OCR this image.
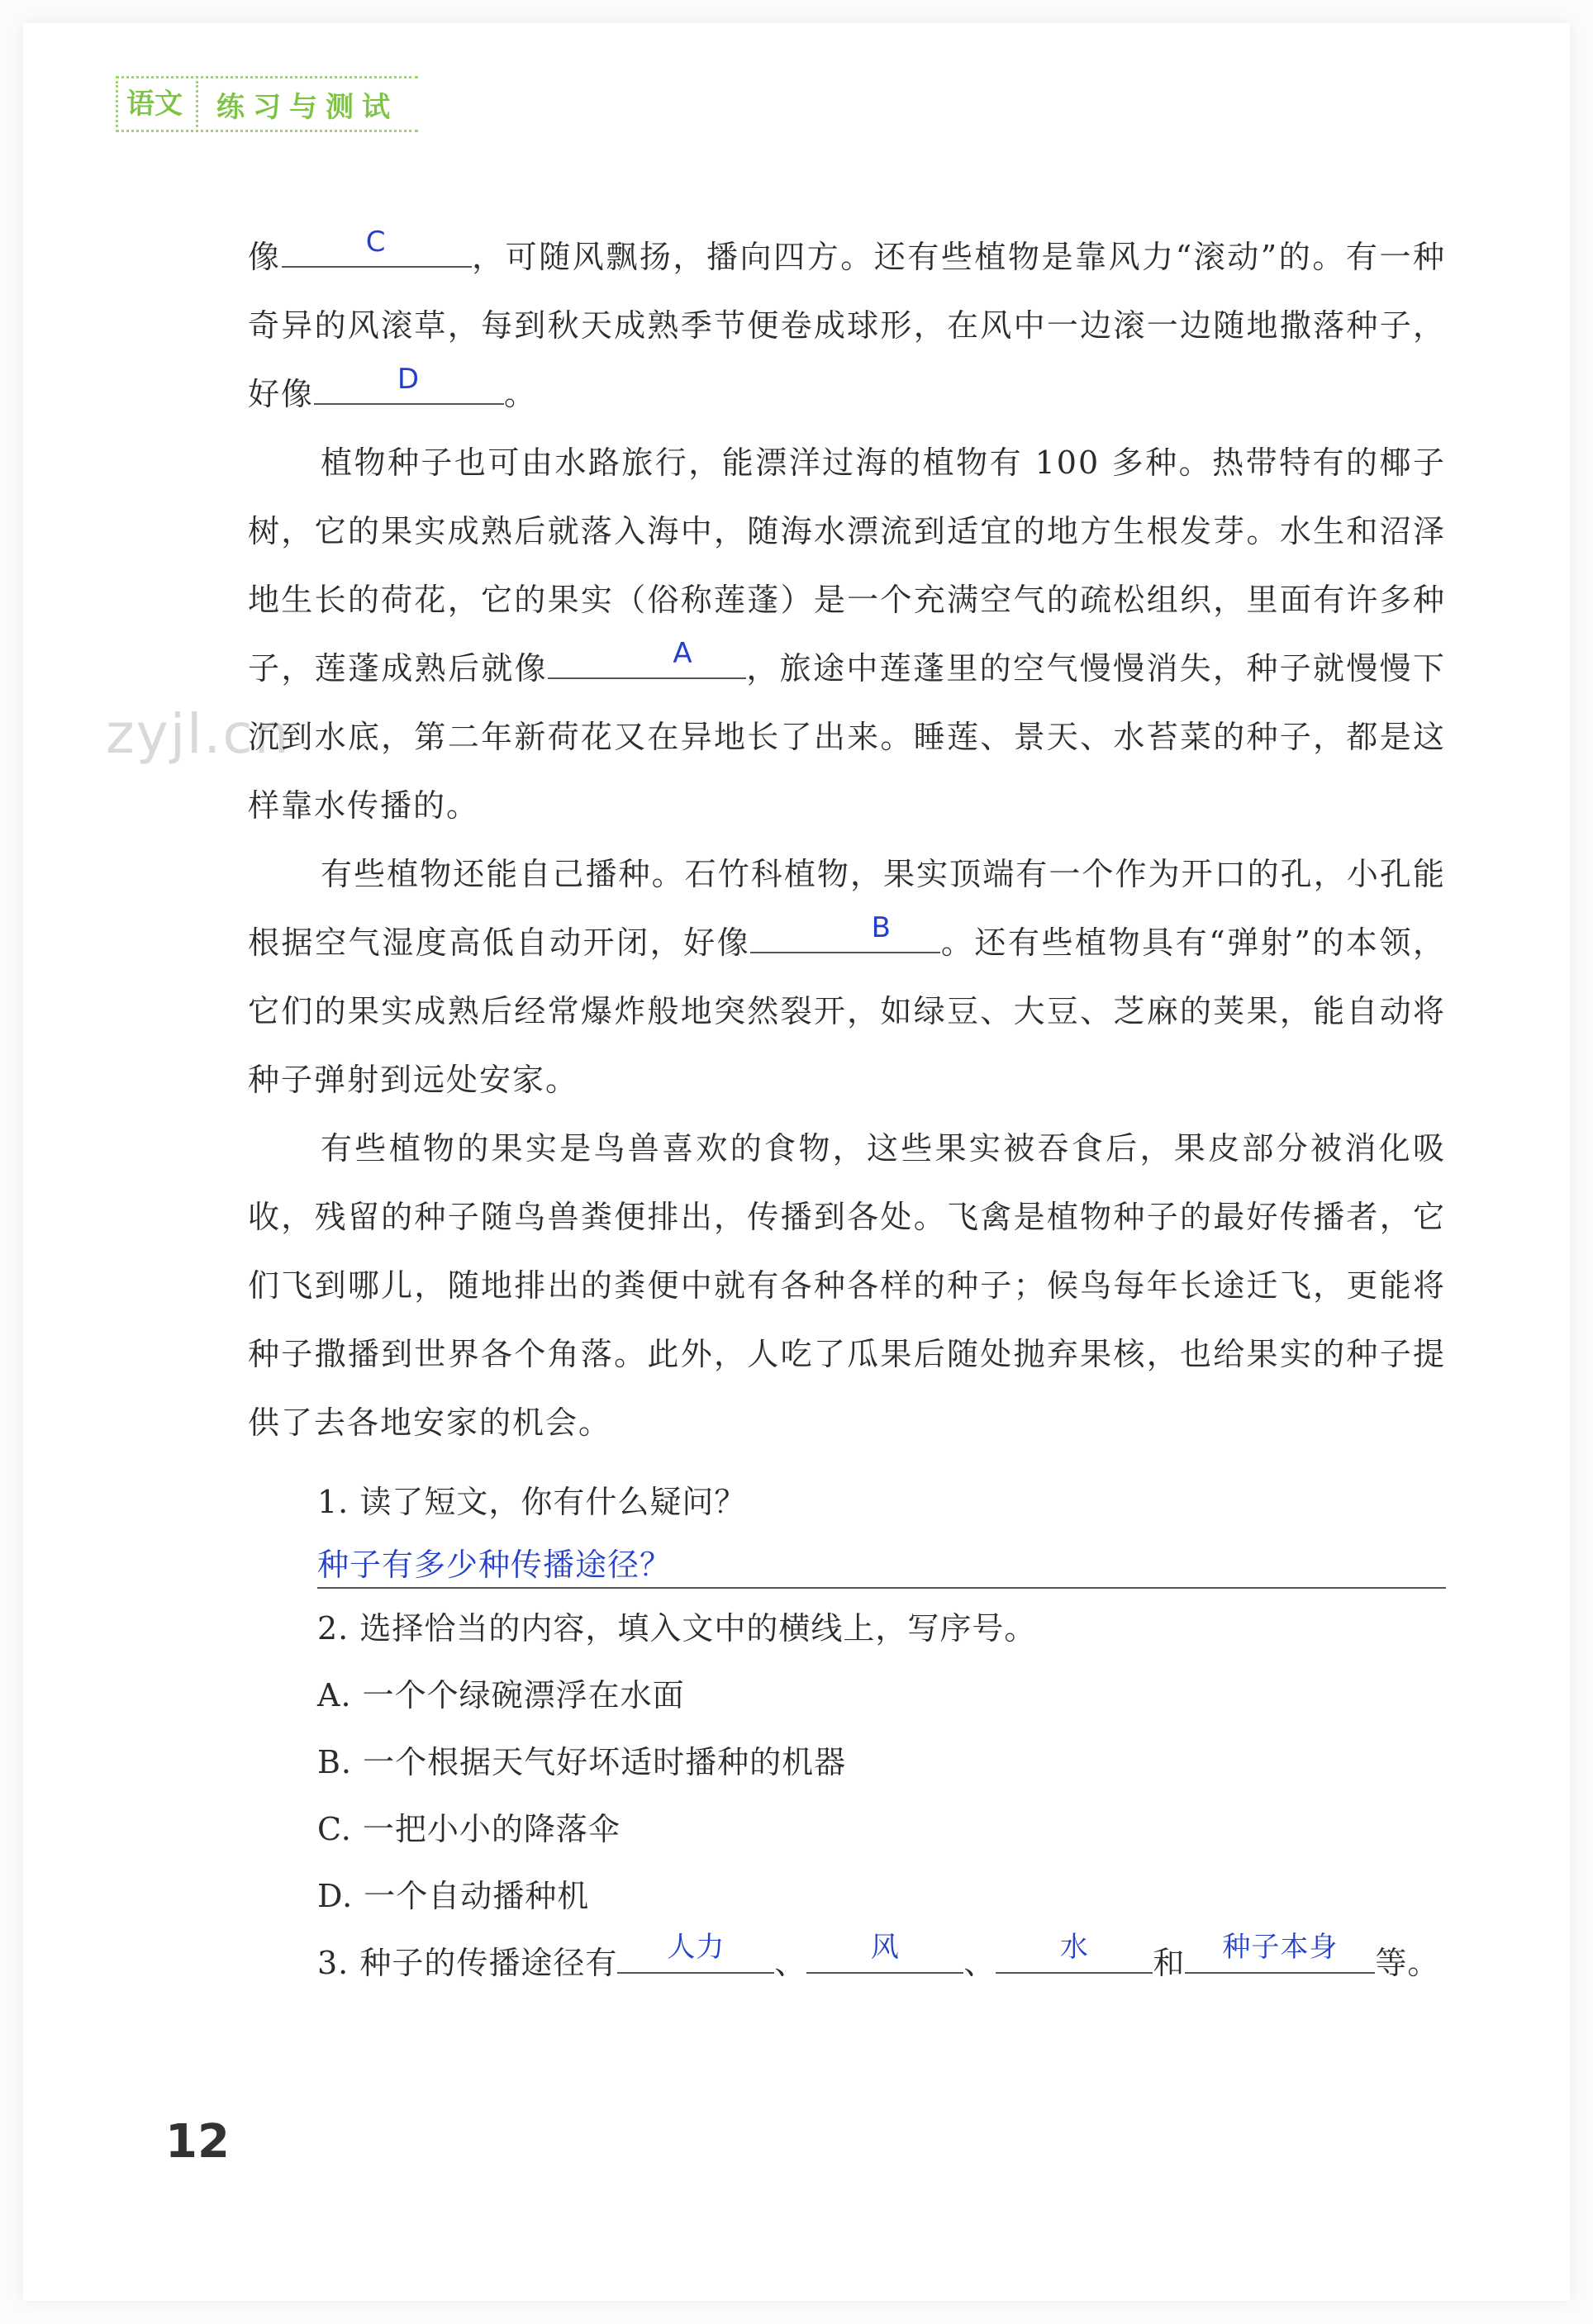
语文	练习与测试
zyjl.cn

像	C	，可随风飘扬，播向四方。还有些植物是靠风力“滚动”的。有一种奇异的风滚草，每到秋天成熟季节便卷成球形，在风中一边滚一边随地撒落种子，好像	D	。

植物种子也可由水路旅行，能漂洋过海的植物有 100 多种。热带特有的椰子树，它的果实成熟后就落入海中，随海水漂流到适宜的地方生根发芽。水生和沼泽地生长的荷花，它的果实（俗称莲蓬）是一个充满空气的疏松组织，里面有许多种子，莲蓬成熟后就像	A	，旅途中莲蓬里的空气慢慢消失，种子就慢慢下沉到水底，第二年新荷花又在异地长了出来。睡莲、景天、水苔菜的种子，都是这样靠水传播的。

有些植物还能自己播种。石竹科植物，果实顶端有一个作为开口的孔，小孔能根据空气湿度高低自动开闭，好像	B	。还有些植物具有“弹射”的本领，它们的果实成熟后经常爆炸般地突然裂开，如绿豆、大豆、芝麻的荚果，能自动将种子弹射到远处安家。

有些植物的果实是鸟兽喜欢的食物，这些果实被吞食后，果皮部分被消化吸收，残留的种子随鸟兽粪便排出，传播到各处。飞禽是植物种子的最好传播者，它们飞到哪儿，随地排出的粪便中就有各种各样的种子；候鸟每年长途迁飞，更能将种子撒播到世界各个角落。此外，人吃了瓜果后随处抛弃果核，也给果实的种子提供了去各地安家的机会。

1. 读了短文，你有什么疑问？

种子有多少种传播途径？

2. 选择恰当的内容，填入文中的横线上，写序号。

A. 一个个绿碗漂浮在水面

B. 一个根据天气好坏适时播种的机器

C. 一把小小的降落伞

D. 一个自动播种机

3. 种子的传播途径有	人力	、	风	、	水	和	种子本身	等。

12
